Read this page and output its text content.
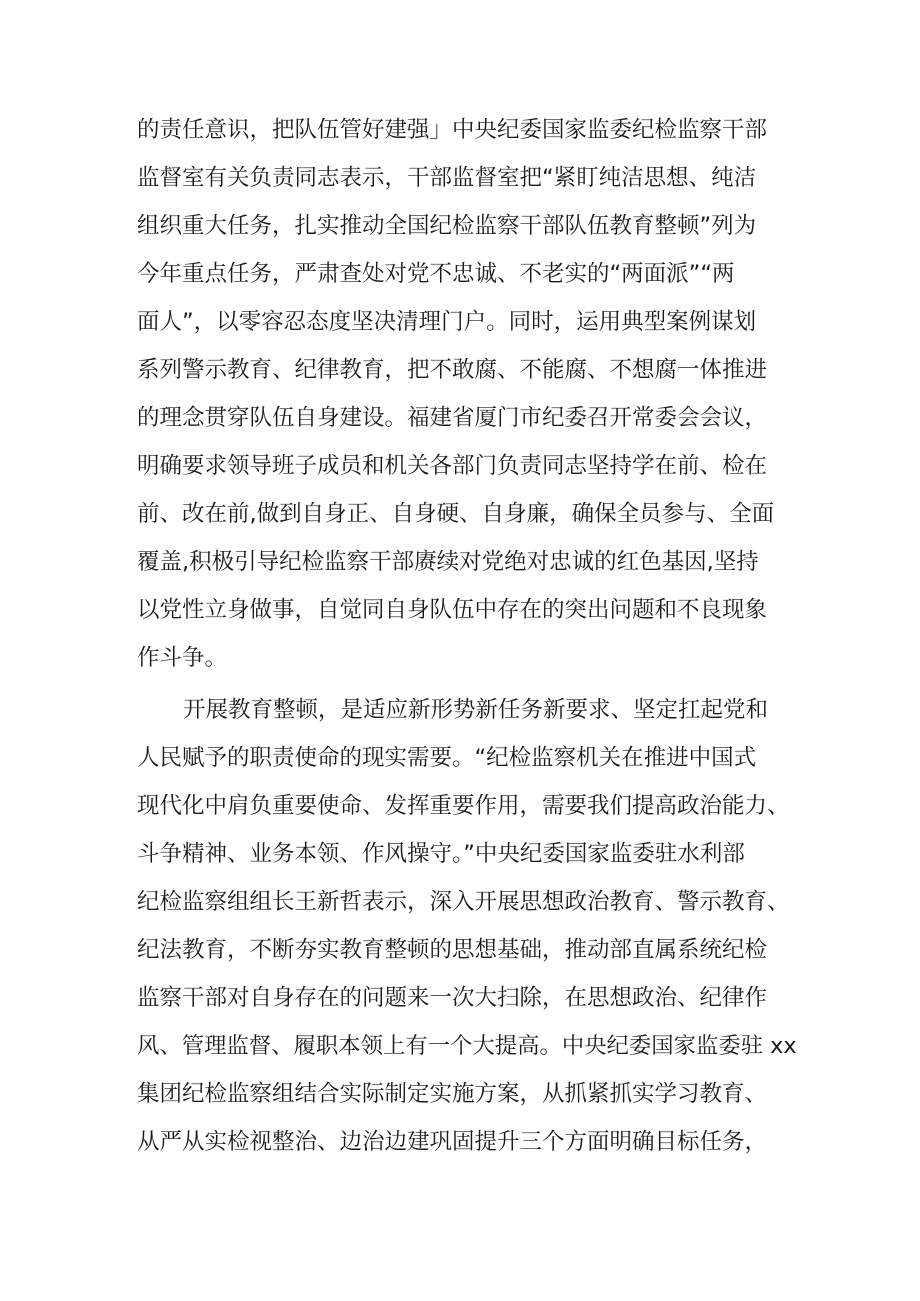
的责任意识，把队伍管好建强」中央纪委国家监委纪检监察干部
监督室有关负责同志表示，干部监督室把“紧盯纯洁思想、纯洁
组织重大任务，扎实推动全国纪检监察干部队伍教育整顿”列为
今年重点任务，严肃查处对党不忠诚、不老实的“两面派”“两
面人”，以零容忍态度坚决清理门户。同时，运用典型案例谋划
系列警示教育、纪律教育，把不敢腐、不能腐、不想腐一体推进
的理念贯穿队伍自身建设。福建省厦门市纪委召开常委会会议，
明确要求领导班子成员和机关各部门负责同志坚持学在前、检在
前、改在前,做到自身正、自身硬、自身廉，确保全员参与、全面
覆盖,积极引导纪检监察干部赓续对党绝对忠诚的红色基因,坚持
以党性立身做事，自觉同自身队伍中存在的突出问题和不良现象
作斗争。
开展教育整顿，是适应新形势新任务新要求、坚定扛起党和
人民赋予的职责使命的现实需要。“纪检监察机关在推进中国式
现代化中肩负重要使命、发挥重要作用，需要我们提高政治能力、
斗争精神、业务本领、作风操守。”中央纪委国家监委驻水利部
纪检监察组组长王新哲表示，深入开展思想政治教育、警示教育、
纪法教育，不断夯实教育整顿的思想基础，推动部直属系统纪检
监察干部对自身存在的问题来一次大扫除，在思想政治、纪律作
风、管理监督、履职本领上有一个大提高。中央纪委国家监委驻 xx
集团纪检监察组结合实际制定实施方案，从抓紧抓实学习教育、
从严从实检视整治、边治边建巩固提升三个方面明确目标任务，
